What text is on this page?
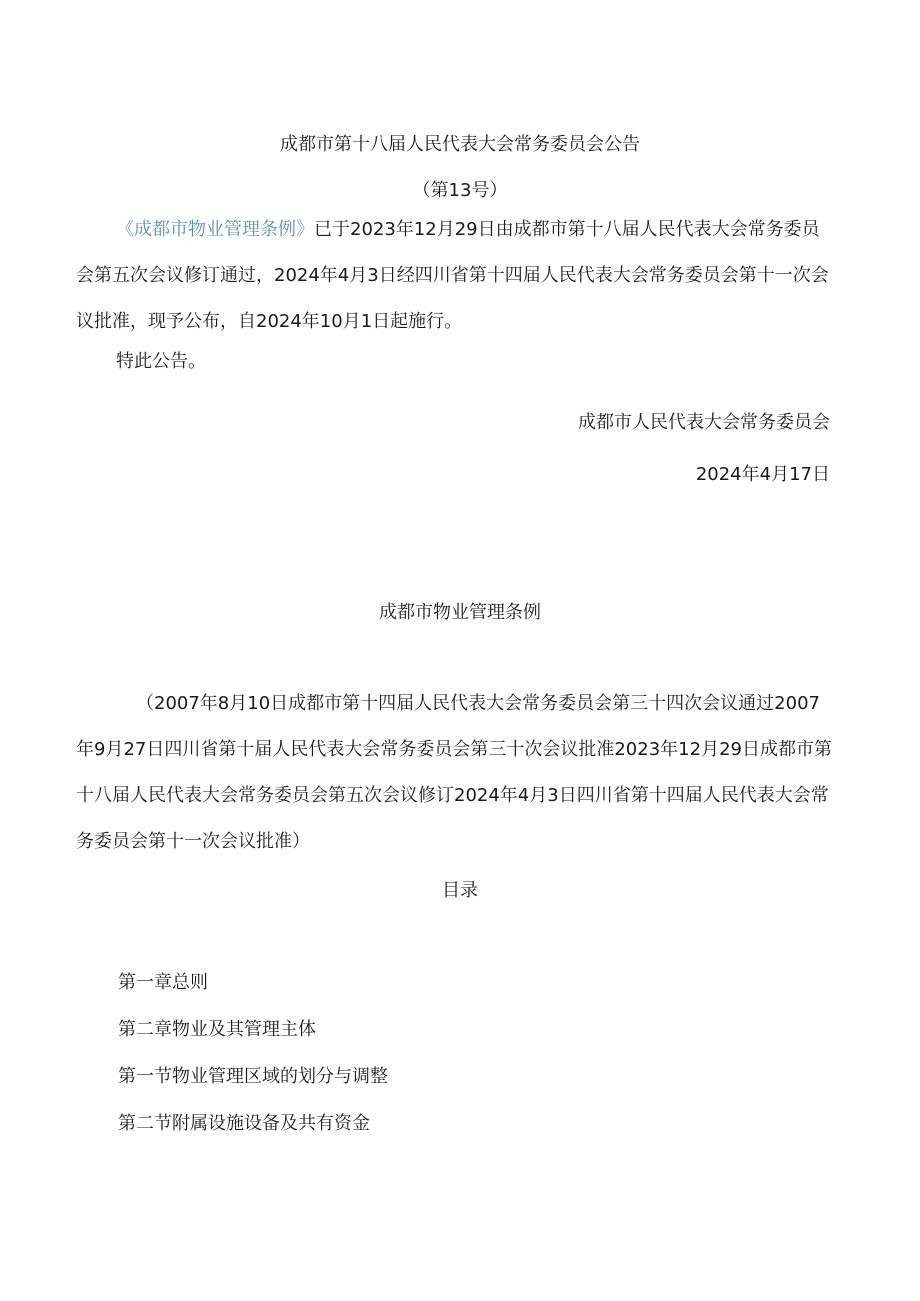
成都市第十八届人民代表大会常务委员会公告
（第13号）
《成都市物业管理条例》已于2023年12月29日由成都市第十八届人民代表大会常务委员会第五次会议修订通过，2024年4月3日经四川省第十四届人民代表大会常务委员会第十一次会议批准，现予公布，自2024年10月1日起施行。
特此公告。
成都市人民代表大会常务委员会
2024年4月17日
成都市物业管理条例
（2007年8月10日成都市第十四届人民代表大会常务委员会第三十四次会议通过2007年9月27日四川省第十届人民代表大会常务委员会第三十次会议批准2023年12月29日成都市第十八届人民代表大会常务委员会第五次会议修订2024年4月3日四川省第十四届人民代表大会常务委员会第十一次会议批准）
目录
第一章总则
第二章物业及其管理主体
第一节物业管理区域的划分与调整
第二节附属设施设备及共有资金
